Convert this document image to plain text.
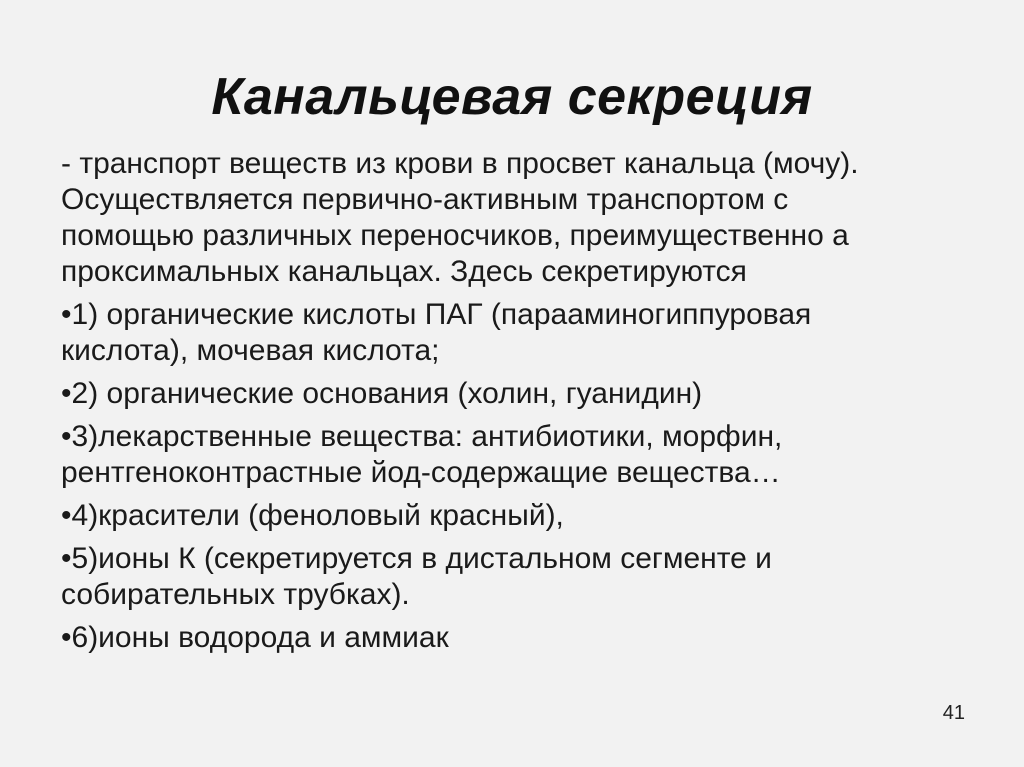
Канальцевая секреция

- транспорт веществ из крови в просвет канальца (мочу).
Осуществляется первично-активным транспортом с
помощью различных переносчиков, преимущественно а
проксимальных канальцах. Здесь секретируются

•1) органические кислоты ПАГ (парааминогиппуровая
кислота), мочевая кислота;

•2) органические основания (холин, гуанидин)

•3)лекарственные вещества: антибиотики, морфин,
рентгеноконтрастные йод-содержащие вещества…

•4)красители (феноловый красный),

•5)ионы К (секретируется в дистальном сегменте и
собирательных трубках).

•6)ионы водорода и аммиак

41
